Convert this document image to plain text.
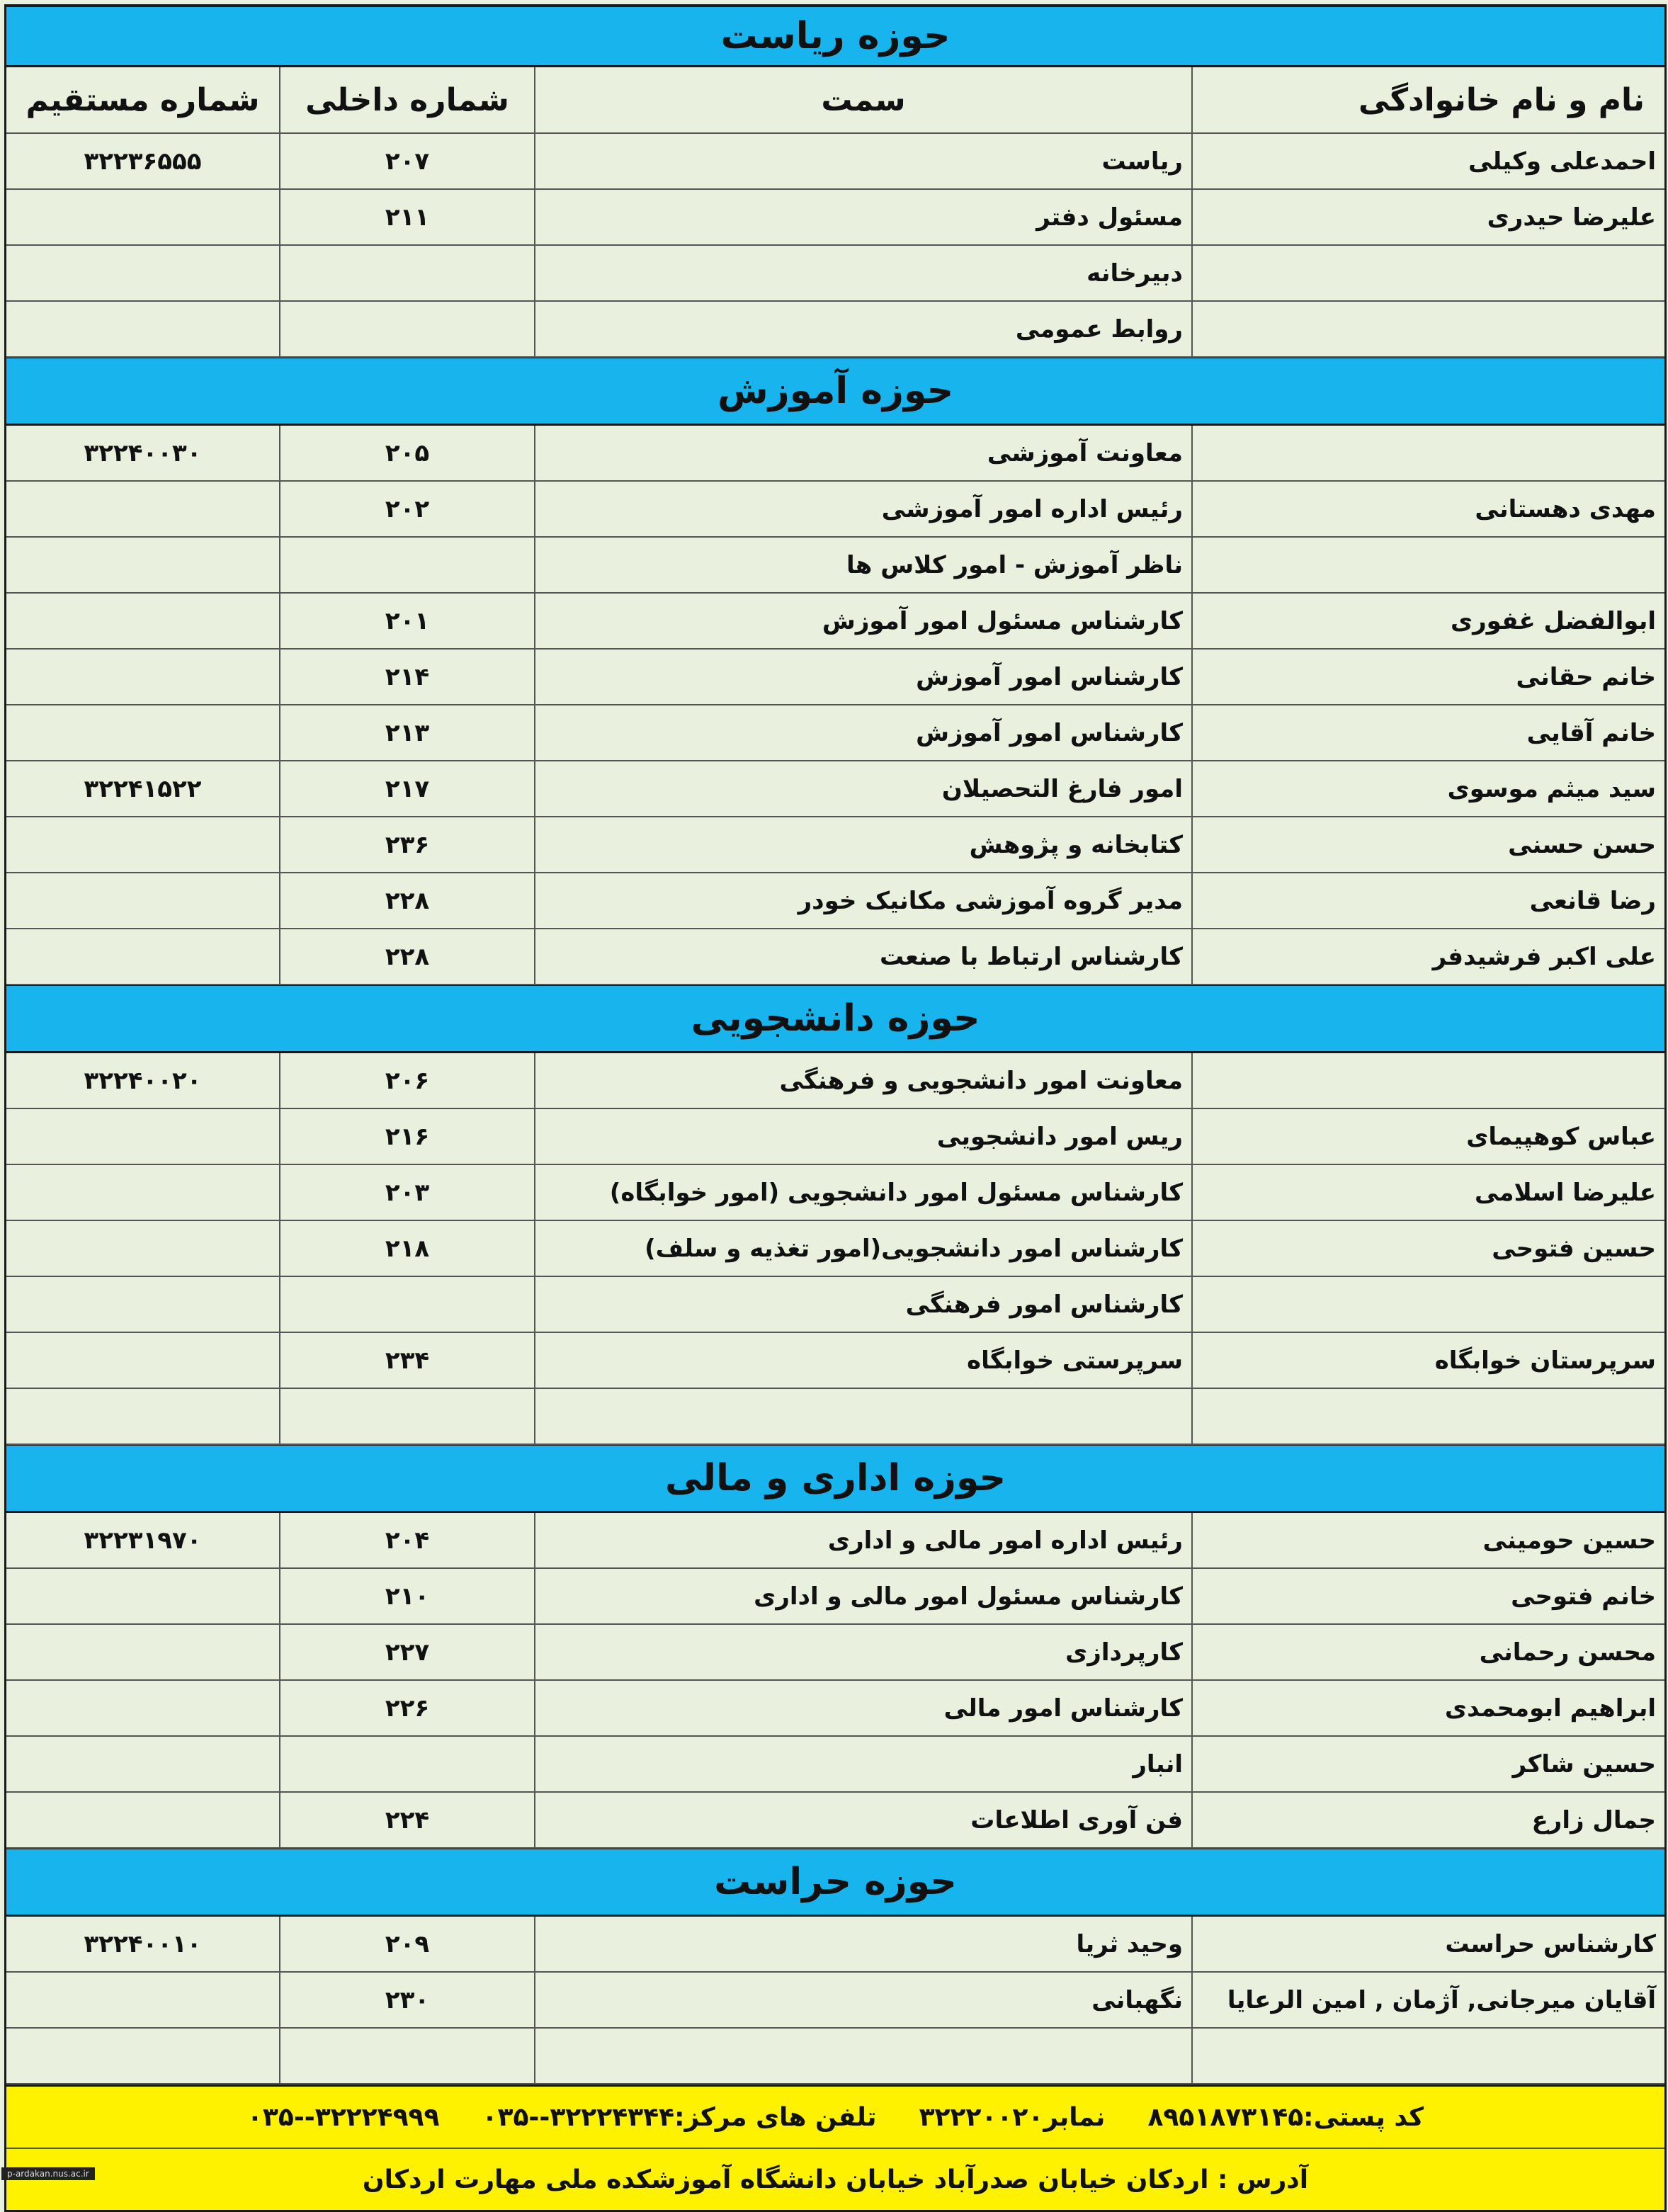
حوزه ریاست
نام و نام خانوادگی
سمت
شماره داخلی
شماره مستقیم
احمدعلی وکیلی
ریاست
۲۰۷
۳۲۲۳۶۵۵۵
علیرضا حیدری
مسئول دفتر
۲۱۱
دبیرخانه
روابط عمومی
حوزه آموزش
معاونت آموزشی
۲۰۵
۳۲۲۴۰۰۳۰
مهدی دهستانی
رئیس اداره امور آموزشی
۲۰۲
ناظر آموزش - امور کلاس ها
ابوالفضل غفوری
کارشناس مسئول امور آموزش
۲۰۱
خانم حقانی
کارشناس امور آموزش
۲۱۴
خانم آقایی
کارشناس امور آموزش
۲۱۳
سید میثم موسوی
امور فارغ التحصیلان
۲۱۷
۳۲۲۴۱۵۲۲
حسن حسنی
کتابخانه و پژوهش
۲۳۶
رضا قانعی
مدیر گروه آموزشی مکانیک خودر
۲۲۸
علی اکبر فرشیدفر
کارشناس ارتباط با صنعت
۲۲۸
حوزه دانشجویی
معاونت امور دانشجویی و فرهنگی
۲۰۶
۳۲۲۴۰۰۲۰
عباس کوهپیمای
ریس امور دانشجویی
۲۱۶
علیرضا اسلامی
کارشناس مسئول امور دانشجویی (امور خوابگاه)
۲۰۳
حسین فتوحی
کارشناس امور دانشجویی(امور تغذیه و سلف)
۲۱۸
کارشناس امور فرهنگی
سرپرستان خوابگاه
سرپرستی خوابگاه
۲۳۴
حوزه اداری و مالی
حسین حومینی
رئیس اداره امور مالی و اداری
۲۰۴
۳۲۲۳۱۹۷۰
خانم فتوحی
کارشناس مسئول امور مالی و اداری
۲۱۰
محسن رحمانی
کارپردازی
۲۲۷
ابراهیم ابومحمدی
کارشناس امور مالی
۲۲۶
حسین شاکر
انبار
جمال زارع
فن آوری اطلاعات
۲۲۴
حوزه حراست
کارشناس حراست
وحید ثریا
۲۰۹
۳۲۲۴۰۰۱۰
آقایان میرجانی, آژمان , امین الرعایا
نگهبانی
۲۳۰
کد پستی:۸۹۵۱۸۷۳۱۴۵
نمابر۳۲۲۲۰۰۲۰
تلفن های مرکز:۳۲۲۲۴۳۴۴--۰۳۵
۳۲۲۲۴۹۹۹--۰۳۵
آدرس : اردکان خیابان صدرآباد خیابان دانشگاه آموزشکده ملی مهارت اردکان
p-ardakan.nus.ac.ir
